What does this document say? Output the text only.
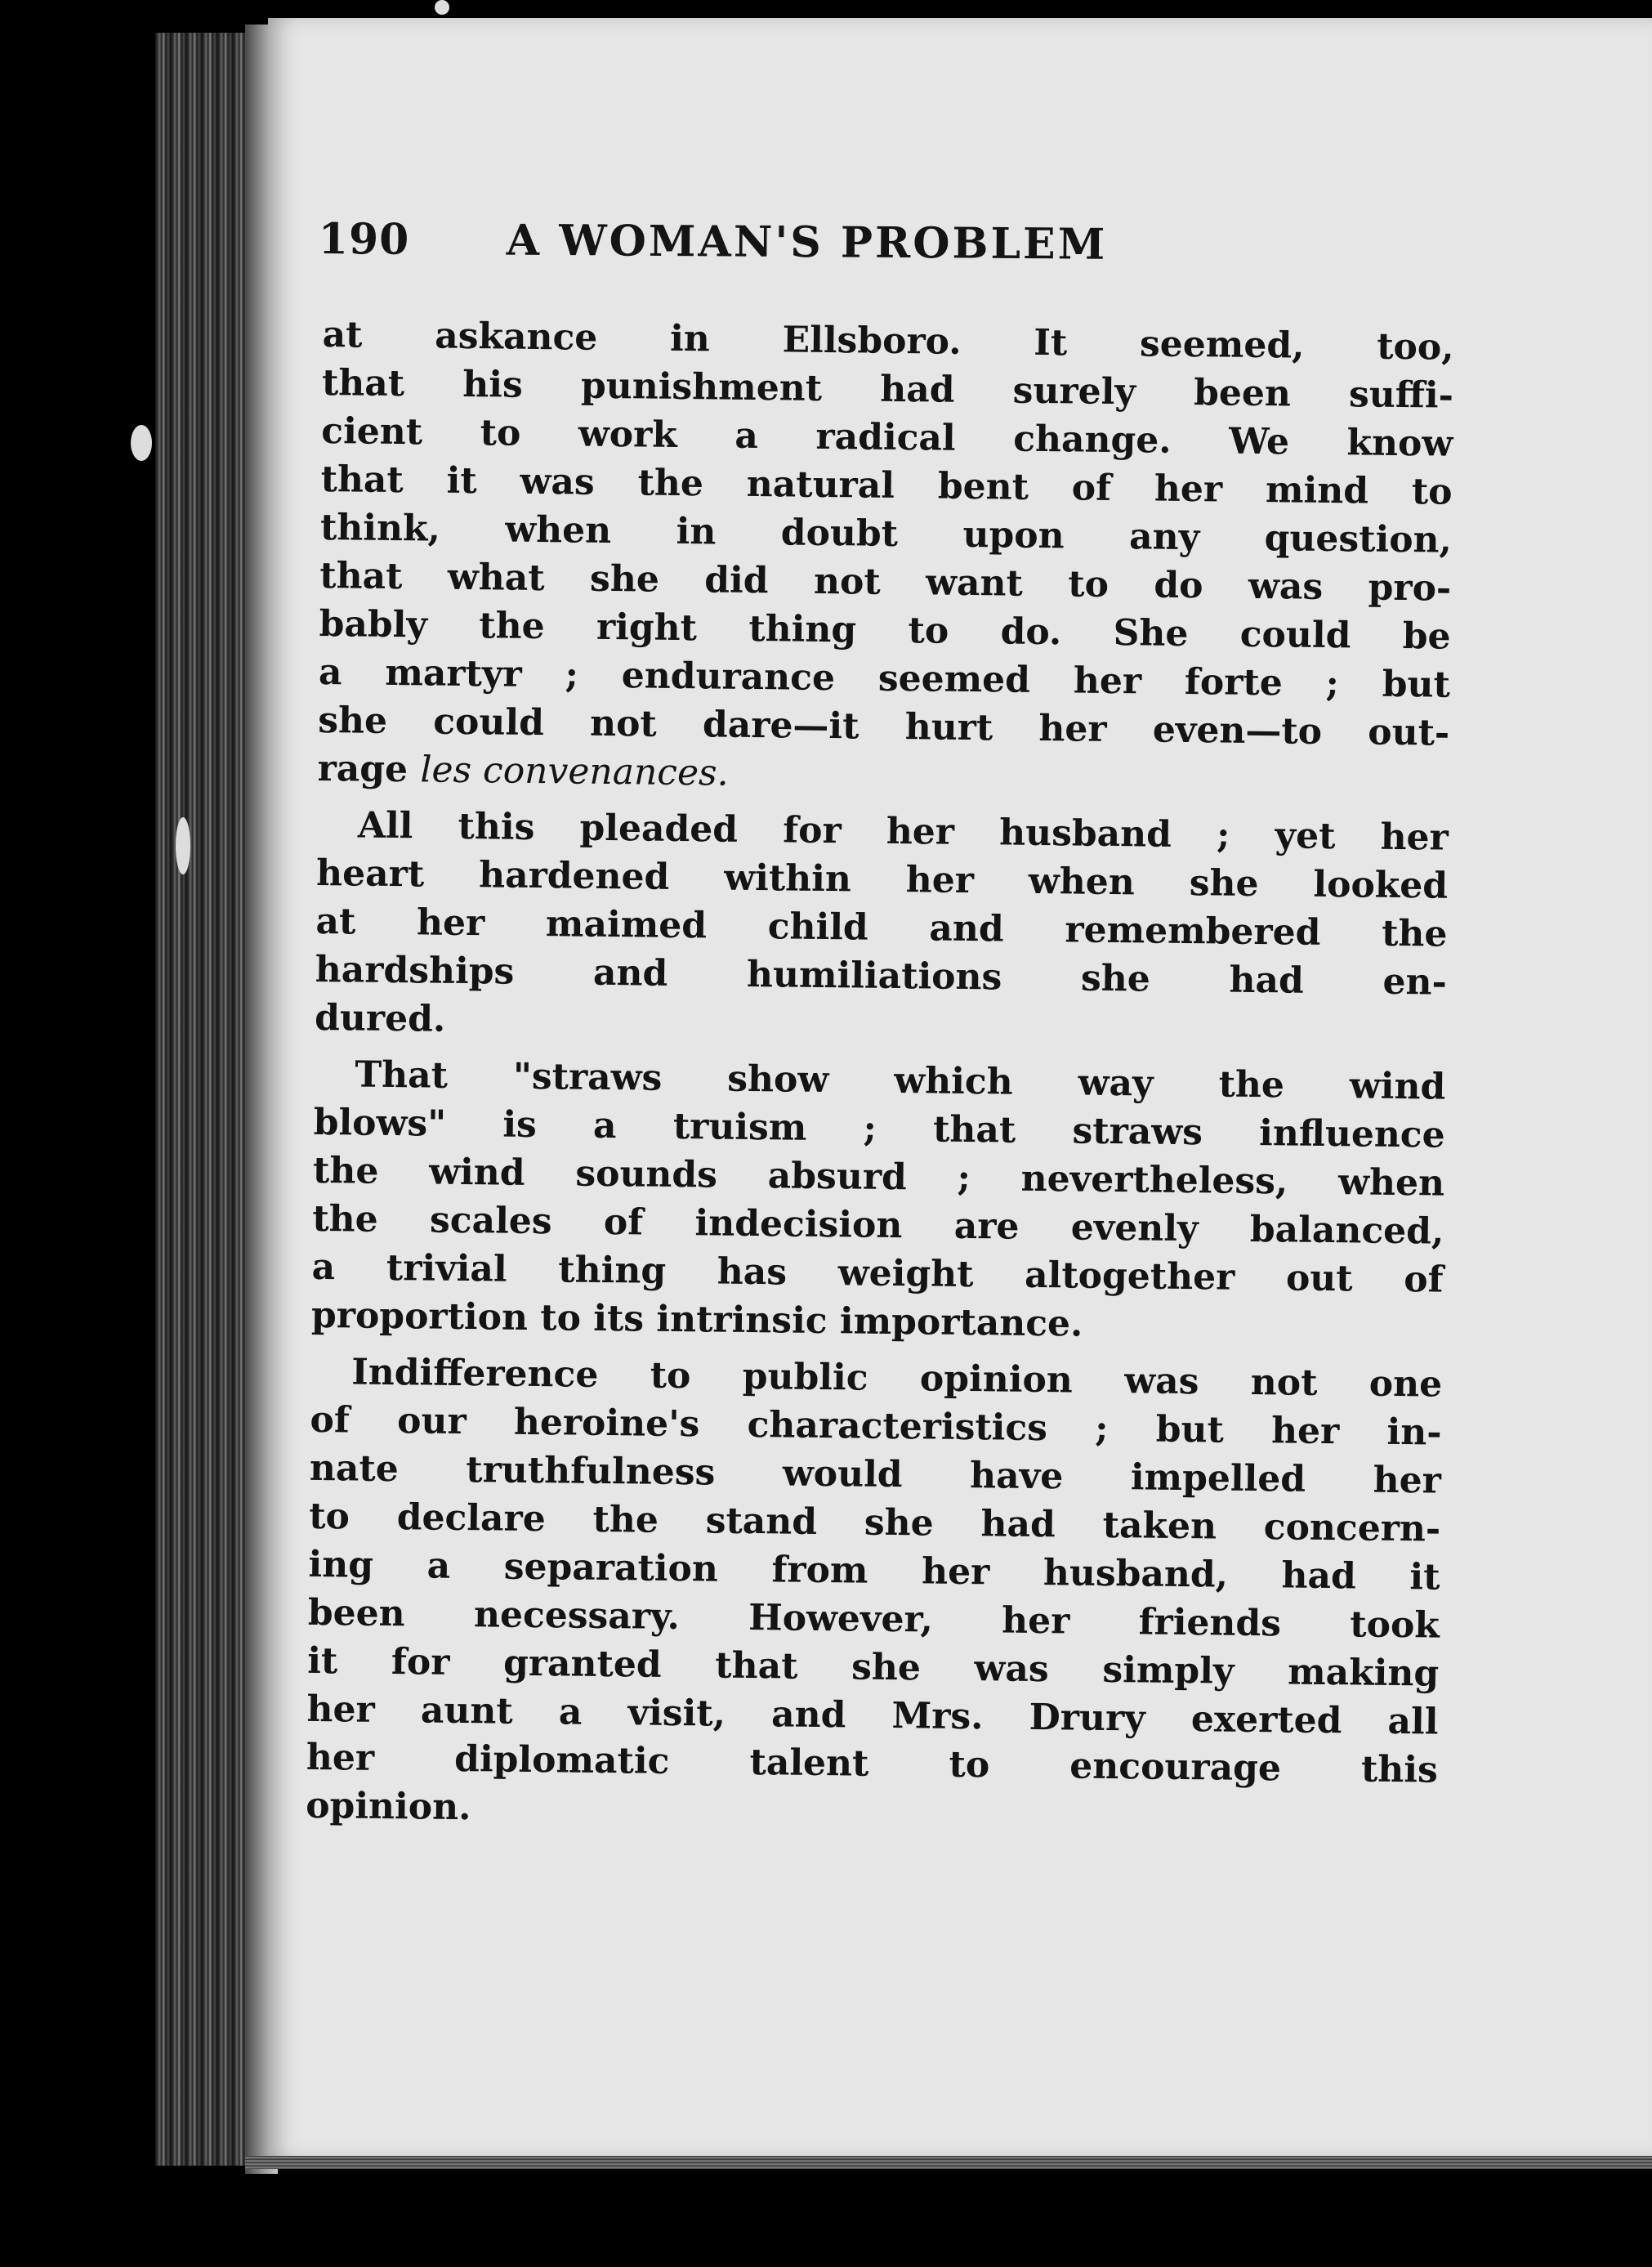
190 A WOMAN'S PROBLEM
at askance in Ellsboro. It seemed, too,
that his punishment had surely been suffi-
cient to work a radical change. We know
that it was the natural bent of her mind to
think, when in doubt upon any question,
that what she did not want to do was pro-
bably the right thing to do. She could be
a martyr ; endurance seemed her forte ; but
she could not dare—it hurt her even—to out-
rage les convenances.
All this pleaded for her husband ; yet her
heart hardened within her when she looked
at her maimed child and remembered the
hardships and humiliations she had en-
dured.
That "straws show which way the wind
blows" is a truism ; that straws influence
the wind sounds absurd ; nevertheless, when
the scales of indecision are evenly balanced,
a trivial thing has weight altogether out of
proportion to its intrinsic importance.
Indifference to public opinion was not one
of our heroine's characteristics ; but her in-
nate truthfulness would have impelled her
to declare the stand she had taken concern-
ing a separation from her husband, had it
been necessary. However, her friends took
it for granted that she was simply making
her aunt a visit, and Mrs. Drury exerted all
her diplomatic talent to encourage this
opinion.
